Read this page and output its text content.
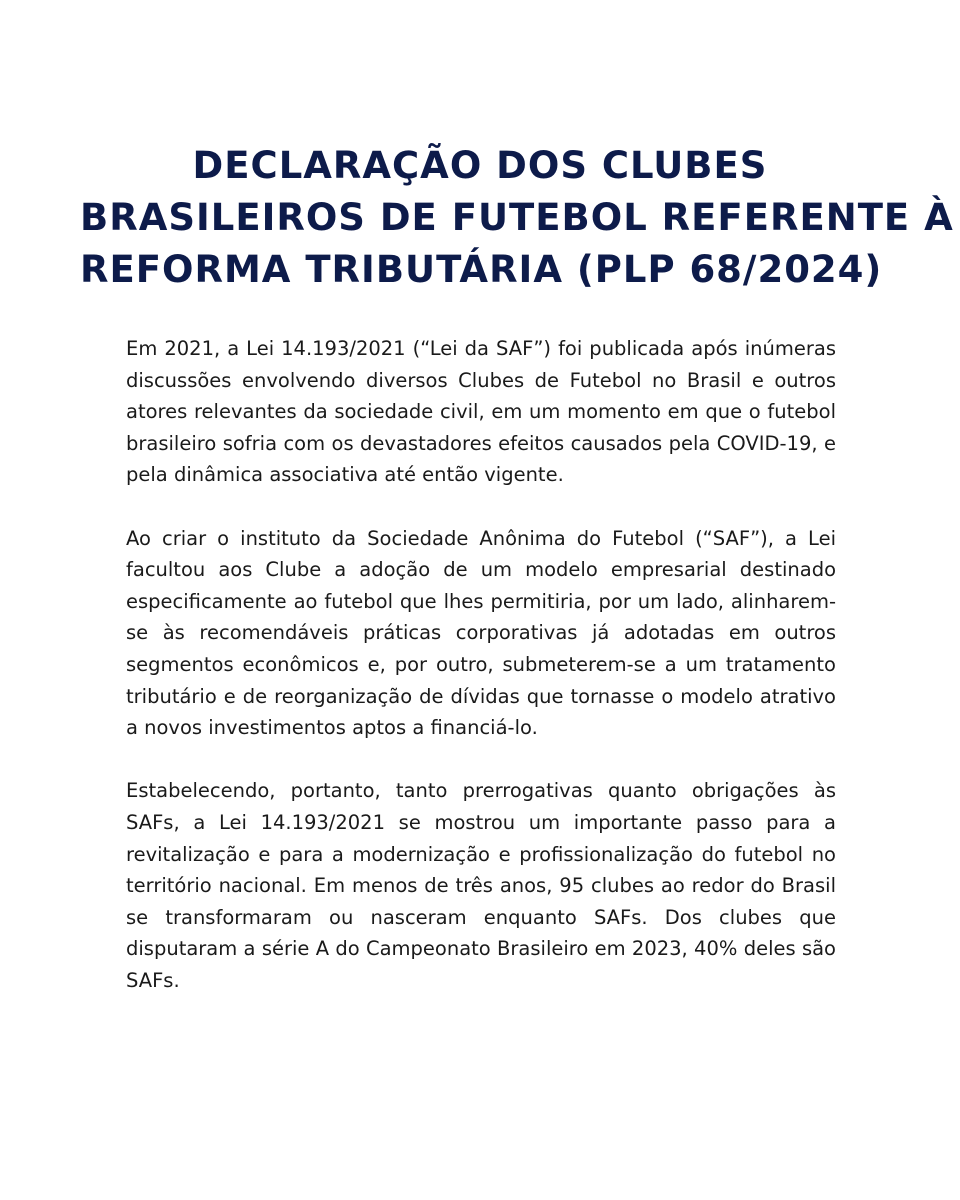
DECLARAÇÃO DOS CLUBES
BRASILEIROS DE FUTEBOL REFERENTE À
REFORMA TRIBUTÁRIA (PLP 68/2024)

Em 2021, a Lei 14.193/2021 (“Lei da SAF”) foi publicada após inúmeras discussões envolvendo diversos Clubes de Futebol no Brasil e outros atores relevantes da sociedade civil, em um momento em que o futebol brasileiro sofria com os devastadores efeitos causados pela COVID-19, e pela dinâmica associativa até então vigente.

Ao criar o instituto da Sociedade Anônima do Futebol (“SAF”), a Lei facultou aos Clube a adoção de um modelo empresarial destinado especificamente ao futebol que lhes permitiria, por um lado, alinharem-se às recomendáveis práticas corporativas já adotadas em outros segmentos econômicos e, por outro, submeterem-se a um tratamento tributário e de reorganização de dívidas que tornasse o modelo atrativo a novos investimentos aptos a financiá-lo.

Estabelecendo, portanto, tanto prerrogativas quanto obrigações às SAFs, a Lei 14.193/2021 se mostrou um importante passo para a revitalização e para a modernização e profissionalização do futebol no território nacional. Em menos de três anos, 95 clubes ao redor do Brasil se transformaram ou nasceram enquanto SAFs. Dos clubes que disputaram a série A do Campeonato Brasileiro em 2023, 40% deles são SAFs.
